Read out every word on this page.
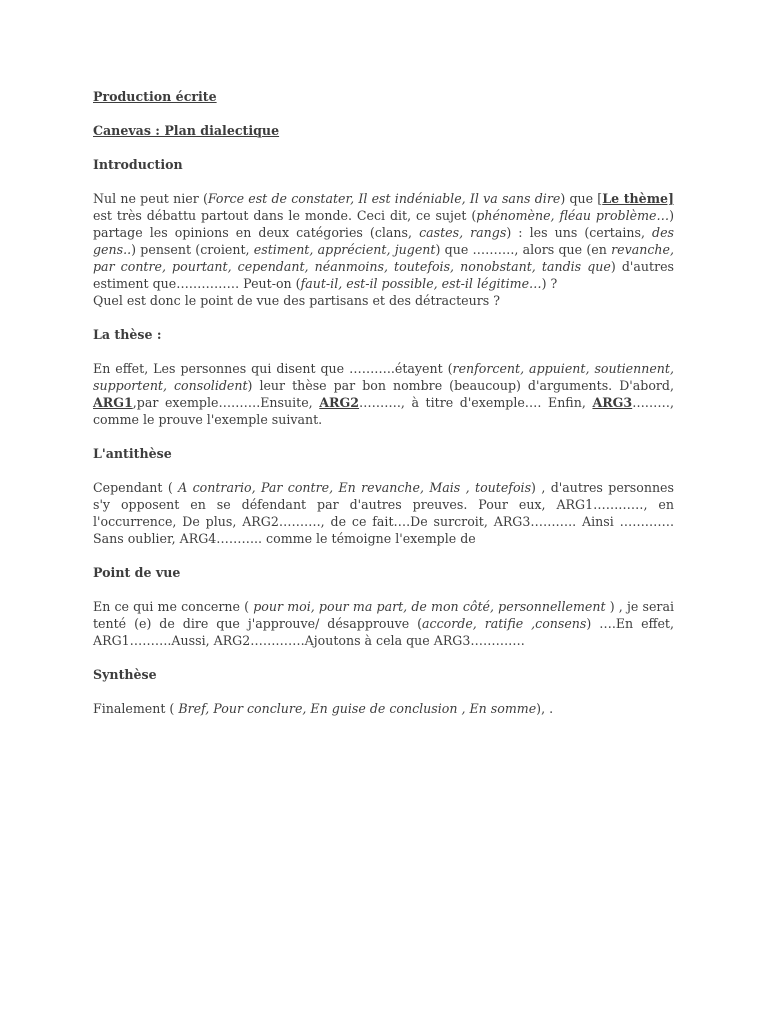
Production écrite
Canevas : Plan dialectique
Introduction
Nul ne peut nier (Force est de constater, Il est indéniable, Il va sans dire) que [Le thème] est très débattu partout dans le monde. Ceci dit, ce sujet (phénomène, fléau problème…) partage les opinions en deux catégories (clans, castes, rangs) : les uns (certains, des gens..) pensent (croient, estiment, apprécient, jugent) que ………., alors que (en revanche, par contre, pourtant, cependant, néanmoins, toutefois, nonobstant, tandis que) d'autres estiment que…………… Peut-on (faut-il, est-il possible, est-il légitime…) ?
Quel est donc le point de vue des partisans et des détracteurs ?
La thèse :
En effet, Les personnes qui disent que ………..étayent (renforcent, appuient, soutiennent, supportent, consolident) leur thèse par bon nombre (beaucoup) d'arguments. D'abord, ARG1,par exemple……….Ensuite, ARG2………., à titre d'exemple…. Enfin, ARG3………, comme le prouve l'exemple suivant.
L'antithèse
Cependant ( A contrario, Par contre, En revanche, Mais , toutefois) , d'autres personnes s'y opposent en se défendant par d'autres preuves. Pour eux, ARG1…………, en l'occurrence, De plus, ARG2………., de ce fait….De surcroit, ARG3……….. Ainsi …………. Sans oublier, ARG4……….. comme le témoigne l'exemple de
Point de vue
En ce qui me concerne ( pour moi, pour ma part, de mon côté, personnellement ) , je serai tenté (e) de dire que j'approuve/ désapprouve (accorde, ratifie ,consens) ….En effet, ARG1……….Aussi, ARG2………….Ajoutons à cela que ARG3………….
Synthèse
Finalement ( Bref, Pour conclure, En guise de conclusion , En somme), .
